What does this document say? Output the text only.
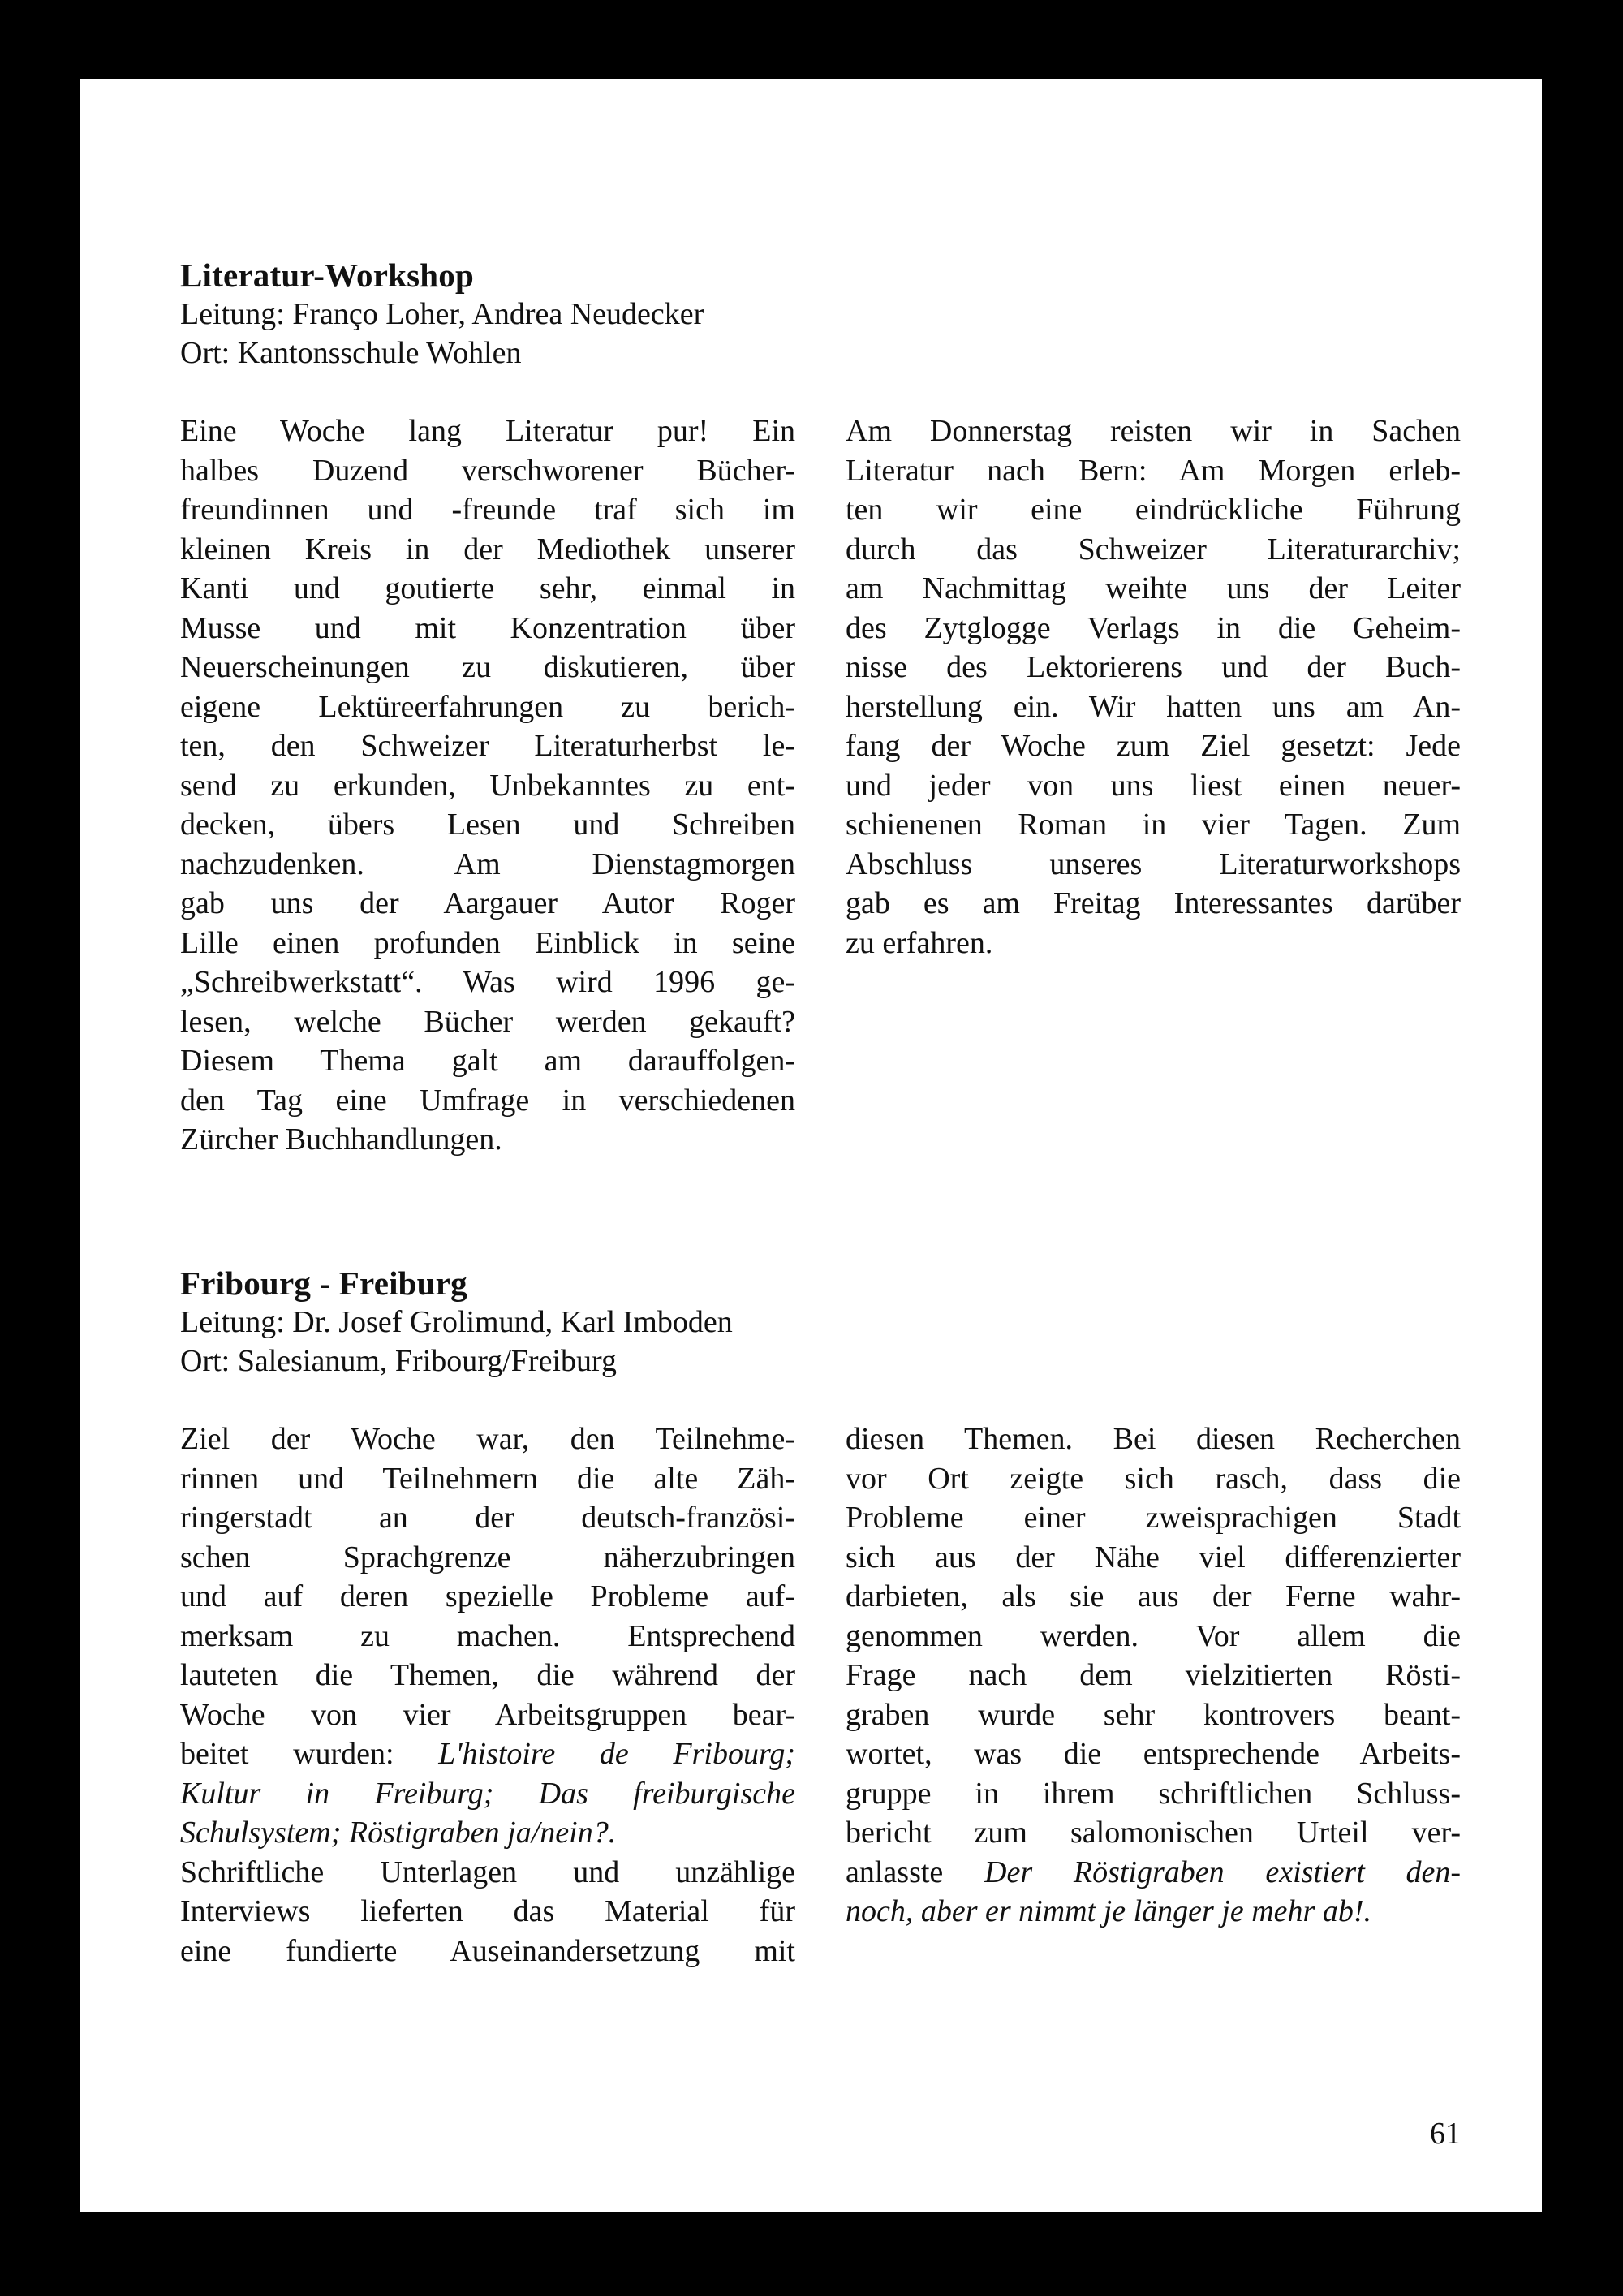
Literatur-Workshop

Leitung: Franço Loher, Andrea Neudecker

Ort: Kantonsschule Wohlen

Eine Woche lang Literatur pur! Ein
halbes Duzend verschworener Bücher-
freundinnen und -freunde traf sich im
kleinen Kreis in der Mediothek unserer
Kanti und goutierte sehr, einmal in
Musse und mit Konzentration über
Neuerscheinungen zu diskutieren, über
eigene Lektüreerfahrungen zu berich-
ten, den Schweizer Literaturherbst le-
send zu erkunden, Unbekanntes zu ent-
decken, übers Lesen und Schreiben
nachzudenken. Am Dienstagmorgen
gab uns der Aargauer Autor Roger
Lille einen profunden Einblick in seine
„Schreibwerkstatt“. Was wird 1996 ge-
lesen, welche Bücher werden gekauft?
Diesem Thema galt am darauffolgen-
den Tag eine Umfrage in verschiedenen
Zürcher Buchhandlungen.
Am Donnerstag reisten wir in Sachen
Literatur nach Bern: Am Morgen erleb-
ten wir eine eindrückliche Führung
durch das Schweizer Literaturarchiv;
am Nachmittag weihte uns der Leiter
des Zytglogge Verlags in die Geheim-
nisse des Lektorierens und der Buch-
herstellung ein. Wir hatten uns am An-
fang der Woche zum Ziel gesetzt: Jede
und jeder von uns liest einen neuer-
schienenen Roman in vier Tagen. Zum
Abschluss unseres Literaturworkshops
gab es am Freitag Interessantes darüber
zu erfahren.
Fribourg - Freiburg

Leitung: Dr. Josef Grolimund, Karl Imboden

Ort: Salesianum, Fribourg/Freiburg

Ziel der Woche war, den Teilnehme-
rinnen und Teilnehmern die alte Zäh-
ringerstadt an der deutsch-französi-
schen Sprachgrenze näherzubringen
und auf deren spezielle Probleme auf-
merksam zu machen. Entsprechend
lauteten die Themen, die während der
Woche von vier Arbeitsgruppen bear-
beitet wurden: L'histoire de Fribourg;
Kultur in Freiburg; Das freiburgische
Schulsystem; Röstigraben ja/nein?.
Schriftliche Unterlagen und unzählige
Interviews lieferten das Material für
eine fundierte Auseinandersetzung mit
diesen Themen. Bei diesen Recherchen
vor Ort zeigte sich rasch, dass die
Probleme einer zweisprachigen Stadt
sich aus der Nähe viel differenzierter
darbieten, als sie aus der Ferne wahr-
genommen werden. Vor allem die
Frage nach dem vielzitierten Rösti-
graben wurde sehr kontrovers beant-
wortet, was die entsprechende Arbeits-
gruppe in ihrem schriftlichen Schluss-
bericht zum salomonischen Urteil ver-
anlasste Der Röstigraben existiert den-
noch, aber er nimmt je länger je mehr ab!.
61
